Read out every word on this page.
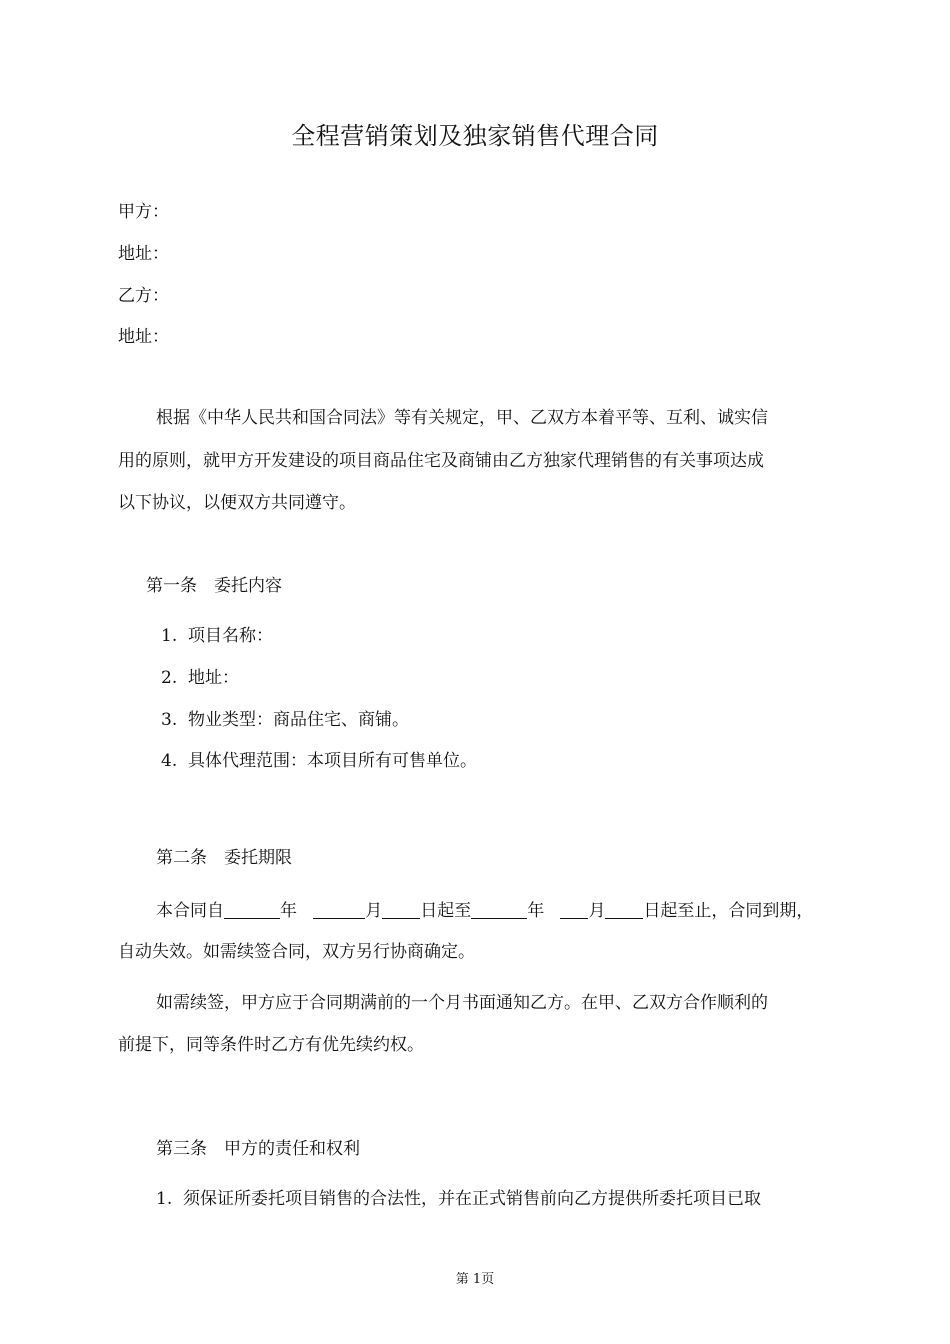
全程营销策划及独家销售代理合同
甲方：
地址：
乙方：
地址：
根据《中华人民共和国合同法》等有关规定，甲、乙双方本着平等、互利、诚实信
用的原则，就甲方开发建设的项目商品住宅及商铺由乙方独家代理销售的有关事项达成
以下协议，以便双方共同遵守。
第一条　委托内容
1. 项目名称：
2. 地址：
3. 物业类型：商品住宅、商铺。
4. 具体代理范围：本项目所有可售单位。
第二条　委托期限
本合同自	年	月 日起至	年	月 日起至止，合同到期，
自动失效。如需续签合同，双方另行协商确定。
如需续签，甲方应于合同期满前的一个月书面通知乙方。在甲、乙双方合作顺利的
前提下，同等条件时乙方有优先续约权。
第三条　甲方的责任和权利
1.  须保证所委托项目销售的合法性，并在正式销售前向乙方提供所委托项目已取
第 1页
